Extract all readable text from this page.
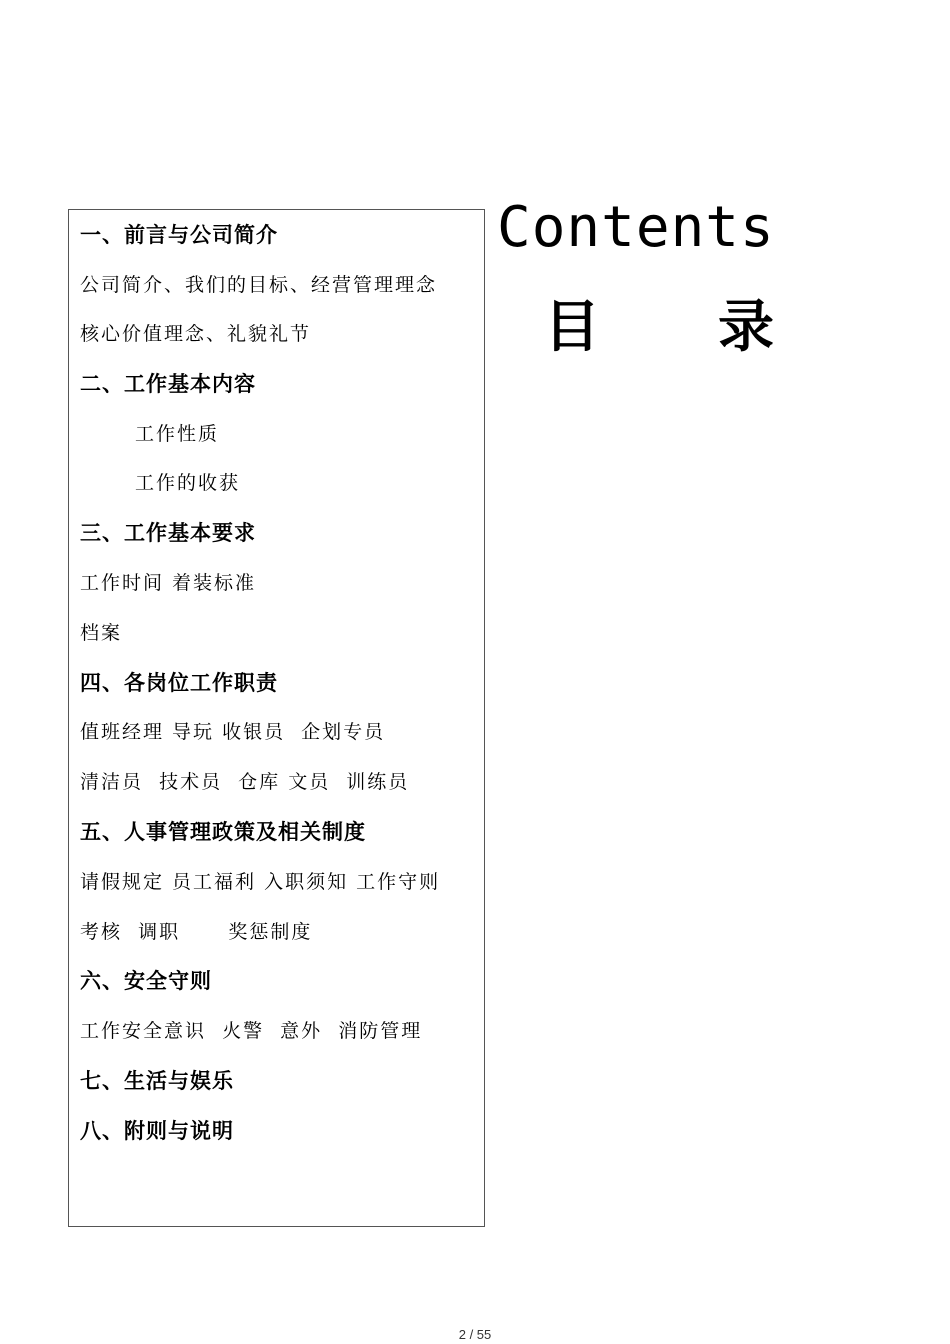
一、前言与公司简介
公司简介、我们的目标、经营管理理念
核心价值理念、礼貌礼节
二、工作基本内容
工作性质
工作的收获
三、工作基本要求
工作时间 着装标准
档案
四、各岗位工作职责
值班经理 导玩 收银员  企划专员
清洁员  技术员  仓库 文员  训练员
五、人事管理政策及相关制度
请假规定 员工福利 入职须知 工作守则
考核  调职      奖惩制度
六、安全守则
工作安全意识  火警  意外  消防管理
七、生活与娱乐
八、附则与说明
Contents
目 录
2 / 55
